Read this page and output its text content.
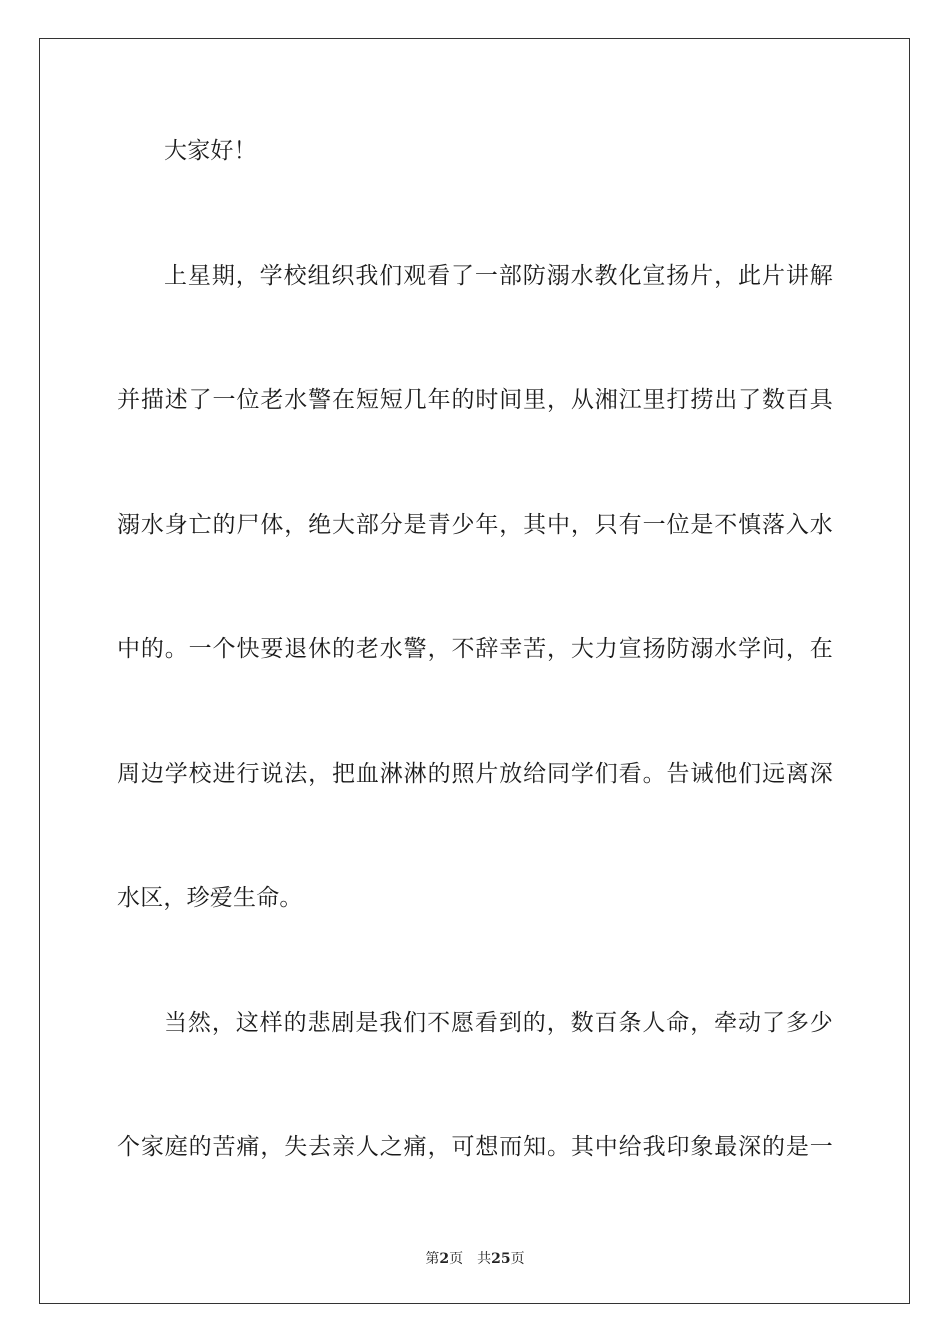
大家好！
上星期，学校组织我们观看了一部防溺水教化宣扬片，此片讲解
并描述了一位老水警在短短几年的时间里，从湘江里打捞出了数百具
溺水身亡的尸体，绝大部分是青少年，其中，只有一位是不慎落入水
中的。一个快要退休的老水警，不辞幸苦，大力宣扬防溺水学问，在
周边学校进行说法，把血淋淋的照片放给同学们看。告诫他们远离深
水区，珍爱生命。
当然，这样的悲剧是我们不愿看到的，数百条人命，牵动了多少
个家庭的苦痛，失去亲人之痛，可想而知。其中给我印象最深的是一
第2页 共25页
